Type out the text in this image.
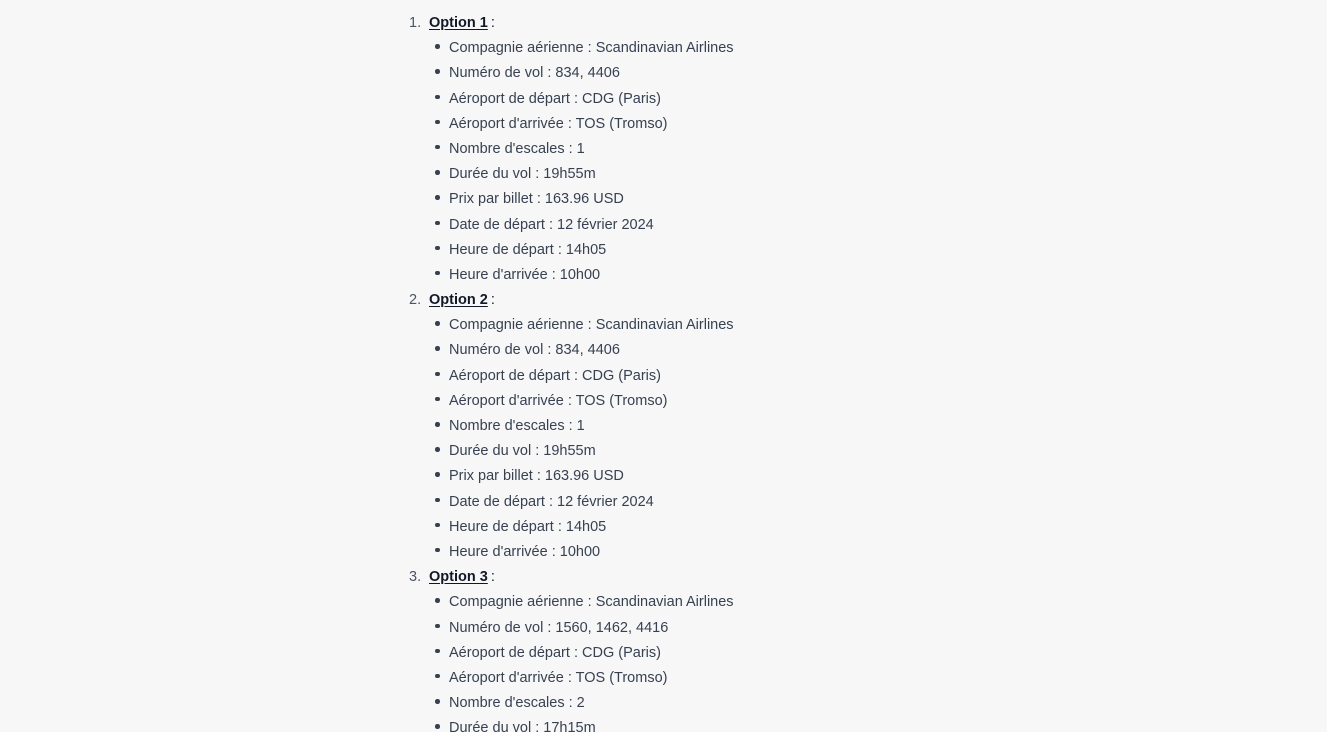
1. Option 1 :
Compagnie aérienne : Scandinavian Airlines
Numéro de vol : 834, 4406
Aéroport de départ : CDG (Paris)
Aéroport d'arrivée : TOS (Tromso)
Nombre d'escales : 1
Durée du vol : 19h55m
Prix par billet : 163.96 USD
Date de départ : 12 février 2024
Heure de départ : 14h05
Heure d'arrivée : 10h00
2. Option 2 :
Compagnie aérienne : Scandinavian Airlines
Numéro de vol : 834, 4406
Aéroport de départ : CDG (Paris)
Aéroport d'arrivée : TOS (Tromso)
Nombre d'escales : 1
Durée du vol : 19h55m
Prix par billet : 163.96 USD
Date de départ : 12 février 2024
Heure de départ : 14h05
Heure d'arrivée : 10h00
3. Option 3 :
Compagnie aérienne : Scandinavian Airlines
Numéro de vol : 1560, 1462, 4416
Aéroport de départ : CDG (Paris)
Aéroport d'arrivée : TOS (Tromso)
Nombre d'escales : 2
Durée du vol : 17h15m
